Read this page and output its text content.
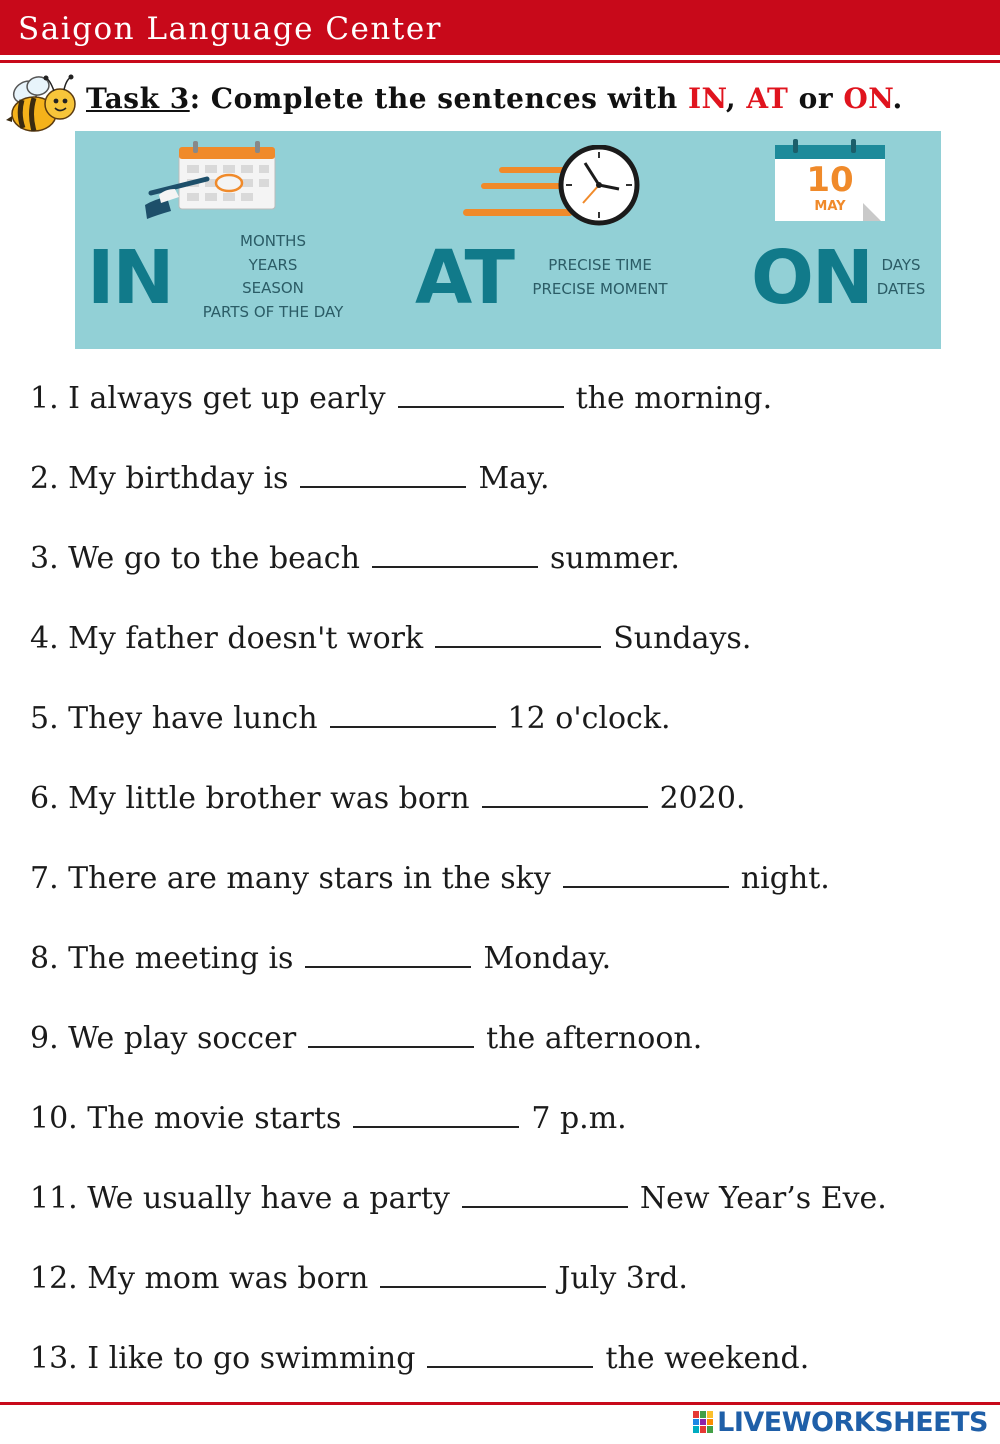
Saigon Language Center
Task 3: Complete the sentences with IN, AT or ON.
IN	MONTHS
YEARS
SEASON
PARTS OF THE DAY AT	PRECISE TIME
PRECISE MOMENT
10
MAY
ON DAYS
DATES
1. I always get up early	the morning.
2. My birthday is	May.
3. We go to the beach	summer.
4. My father doesn't work	Sundays.
5. They have lunch	12 o'clock.
6. My little brother was born	2020.
7. There are many stars in the sky	night.
8. The meeting is	Monday.
9. We play soccer	the afternoon.
10. The movie starts	7 p.m.
11. We usually have a party	New Year’s Eve.
12. My mom was born	July 3rd.
13. I like to go swimming	the weekend.
LIVEWORKSHEETS
